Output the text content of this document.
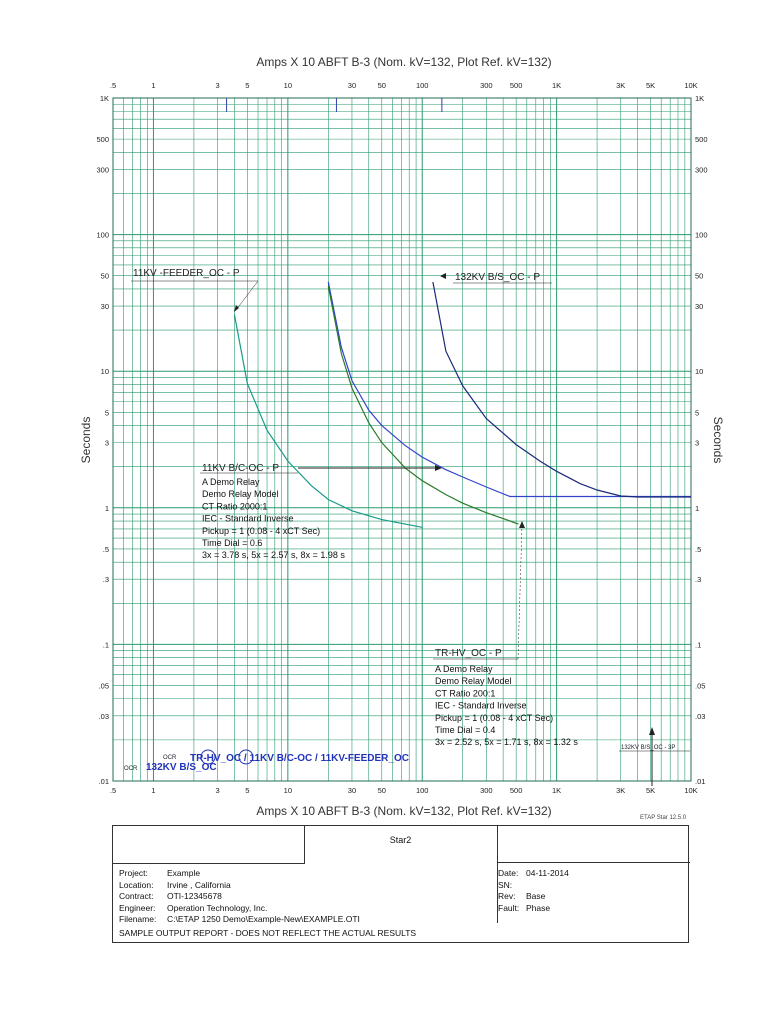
Amps X 10 ABFT B-3 (Nom. kV=132, Plot Ref. kV=132)
.5
.5
1
1
3
3
5
5
10
10
30
30
50
50
100
100
300
300
500
500
1K
1K
3K
3K
5K
5K
10K
10K
1K	1K
500	500
300	300
100	100
50	50
30	30
10	10
5	5
3	3
1	1
.5	.5
.3	.3
.1	.1
.05	.05
.03	.03
.01	.01
Seconds	Seconds
11KV -FEEDER_OC - P	132KV B/S_OC - P
11KV B/C-OC - P
TR-HV_OC - P
132KV B/S_OC - 3P
OCR 132KV B/S_OC
OCR TR-HV_OC / 11KV B/C-OC / 11KV-FEEDER_OC
A Demo Relay
Demo Relay Model
CT Ratio 2000:1
IEC - Standard Inverse
Pickup = 1 (0.08 - 4 xCT Sec)
Time Dial = 0.6
3x = 3.78 s, 5x = 2.57 s, 8x = 1.98 s
A Demo Relay
Demo Relay Model
CT Ratio 200:1
IEC - Standard Inverse
Pickup = 1 (0.08 - 4 xCT Sec)
Time Dial = 0.4
3x = 2.52 s, 5x = 1.71 s, 8x = 1.32 s
Amps X 10 ABFT B-3 (Nom. kV=132, Plot Ref. kV=132)	ETAP Star 12.5.0
Star2
Project: Example
Location: Irvine , California
Contract: OTI-12345678
Engineer: Operation Technology, Inc.
Filename: C:\ETAP 1250 Demo\Example-New\EXAMPLE.OTI
Date: 04-11-2014
SN:
Rev: Base
Fault: Phase
SAMPLE OUTPUT REPORT - DOES NOT REFLECT THE ACTUAL RESULTS
